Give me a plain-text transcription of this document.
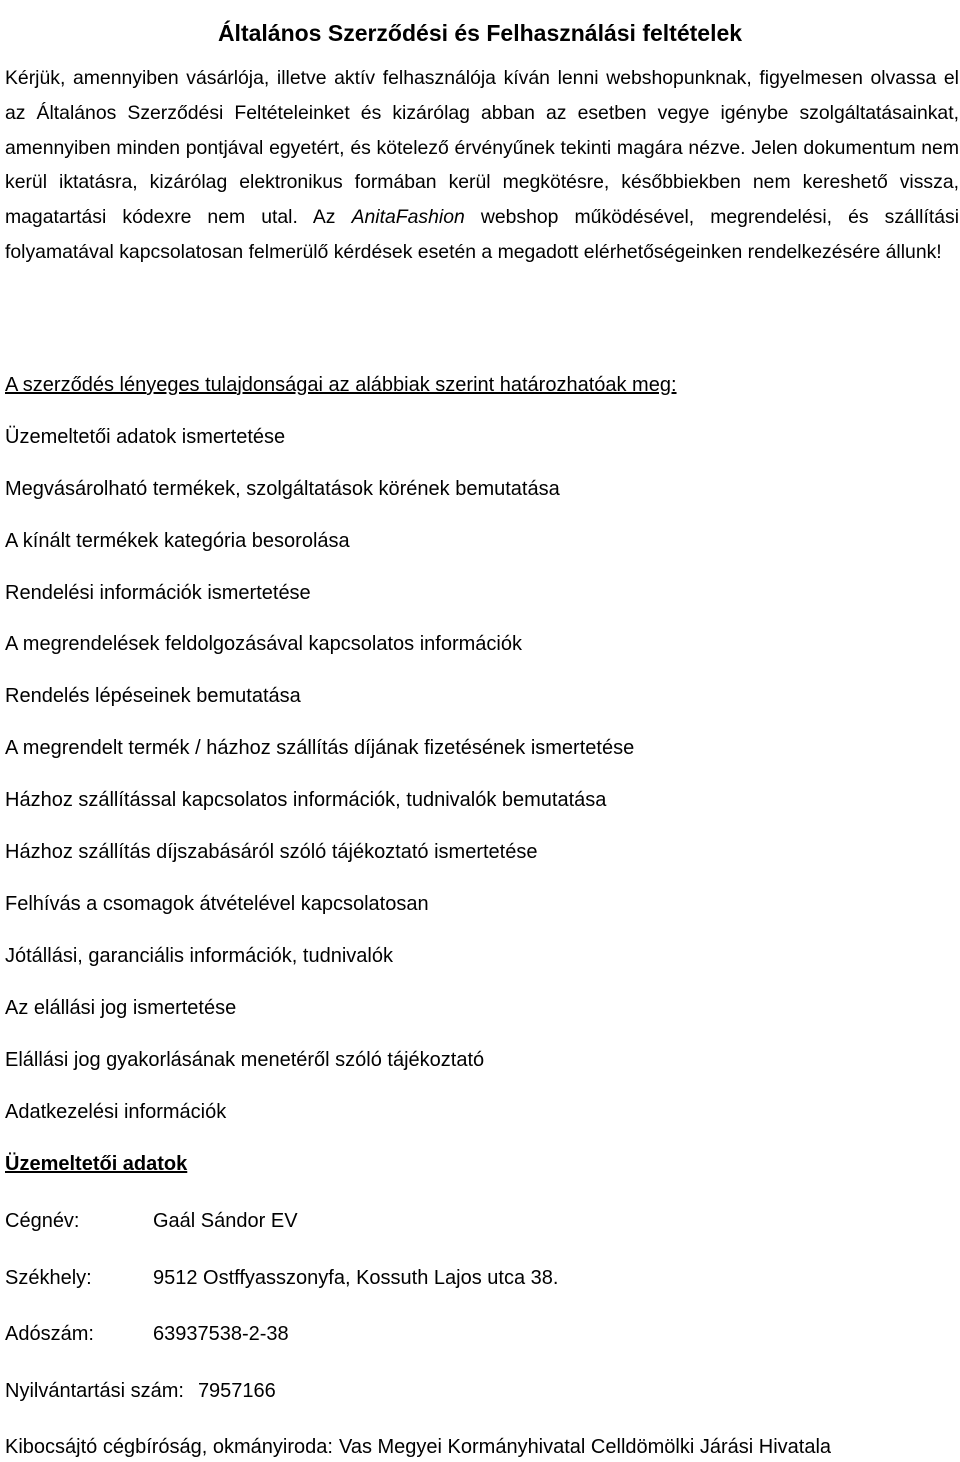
Általános Szerződési és Felhasználási feltételek

Kérjük, amennyiben vásárlója, illetve aktív felhasználója kíván lenni webshopunknak, figyelmesen olvassa el az Általános Szerződési Feltételeinket és kizárólag abban az esetben vegye igénybe szolgáltatásainkat, amennyiben minden pontjával egyetért, és kötelező érvényűnek tekinti magára nézve. Jelen dokumentum nem kerül iktatásra, kizárólag elektronikus formában kerül megkötésre, későbbiekben nem kereshető vissza, magatartási kódexre nem utal. Az AnitaFashion webshop működésével, megrendelési, és szállítási folyamatával kapcsolatosan felmerülő kérdések esetén a megadott elérhetőségeinken rendelkezésére állunk!

A szerződés lényeges tulajdonságai az alábbiak szerint határozhatóak meg:

Üzemeltetői adatok ismertetése

Megvásárolható termékek, szolgáltatások körének bemutatása

A kínált termékek kategória besorolása

Rendelési információk ismertetése

A megrendelések feldolgozásával kapcsolatos információk

Rendelés lépéseinek bemutatása

A megrendelt termék / házhoz szállítás díjának fizetésének ismertetése

Házhoz szállítással kapcsolatos információk, tudnivalók bemutatása

Házhoz szállítás díjszabásáról szóló tájékoztató ismertetése

Felhívás a csomagok átvételével kapcsolatosan

Jótállási, garanciális információk, tudnivalók

Az elállási jog ismertetése

Elállási jog gyakorlásának menetéről szóló tájékoztató

Adatkezelési információk

Üzemeltetői adatok

Cégnév:	Gaál Sándor EV
Székhely:	9512 Ostffyasszonyfa, Kossuth Lajos utca 38.
Adószám:	63937538-2-38
Nyilvántartási szám: 7957166
Kibocsájtó cégbíróság, okmányiroda: Vas Megyei Kormányhivatal Celldömölki Járási Hivatala
